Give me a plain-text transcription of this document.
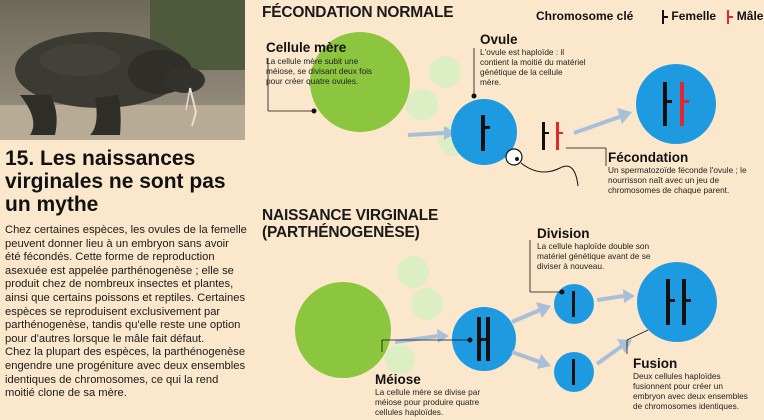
15. Les naissances virginales ne sont pas un mythe

Chez certaines espèces, les ovules de la femelle peuvent donner lieu à un embryon sans avoir été fécondés. Cette forme de reproduction asexuée est appelée parthénogenèse ; elle se produit chez de nombreux insectes et plantes, ainsi que certains poissons et reptiles. Certaines espèces se reproduisent exclusivement par parthénogenèse, tandis qu'elle reste une option pour d'autres lorsque le mâle fait défaut.

Chez la plupart des espèces, la parthénogenèse engendre une progéniture avec deux ensembles identiques de chromosomes, ce qui la rend moitié clone de sa mère.

FÉCONDATION NORMALE
NAISSANCE VIRGINALE (PARTHÉNOGENÈSE)
Chromosome clé	Femelle Mâle
Cellule mère
La cellule mère subit une méiose, se divisant deux fois pour créer quatre ovules.
Ovule
L'ovule est haploïde : il contient la moitié du matériel génétique de la cellule mère.
Fécondation
Un spermatozoïde féconde l'ovule ; le nourrisson naît avec un jeu de chromosomes de chaque parent.
Division
La cellule haploïde double son matériel génétique avant de se diviser à nouveau.
Méiose
La cellule mère se divise par méiose pour produire quatre cellules haploïdes.
Fusion
Deux cellules haploïdes fusionnent pour créer un embryon avec deux ensembles de chromosomes identiques.
